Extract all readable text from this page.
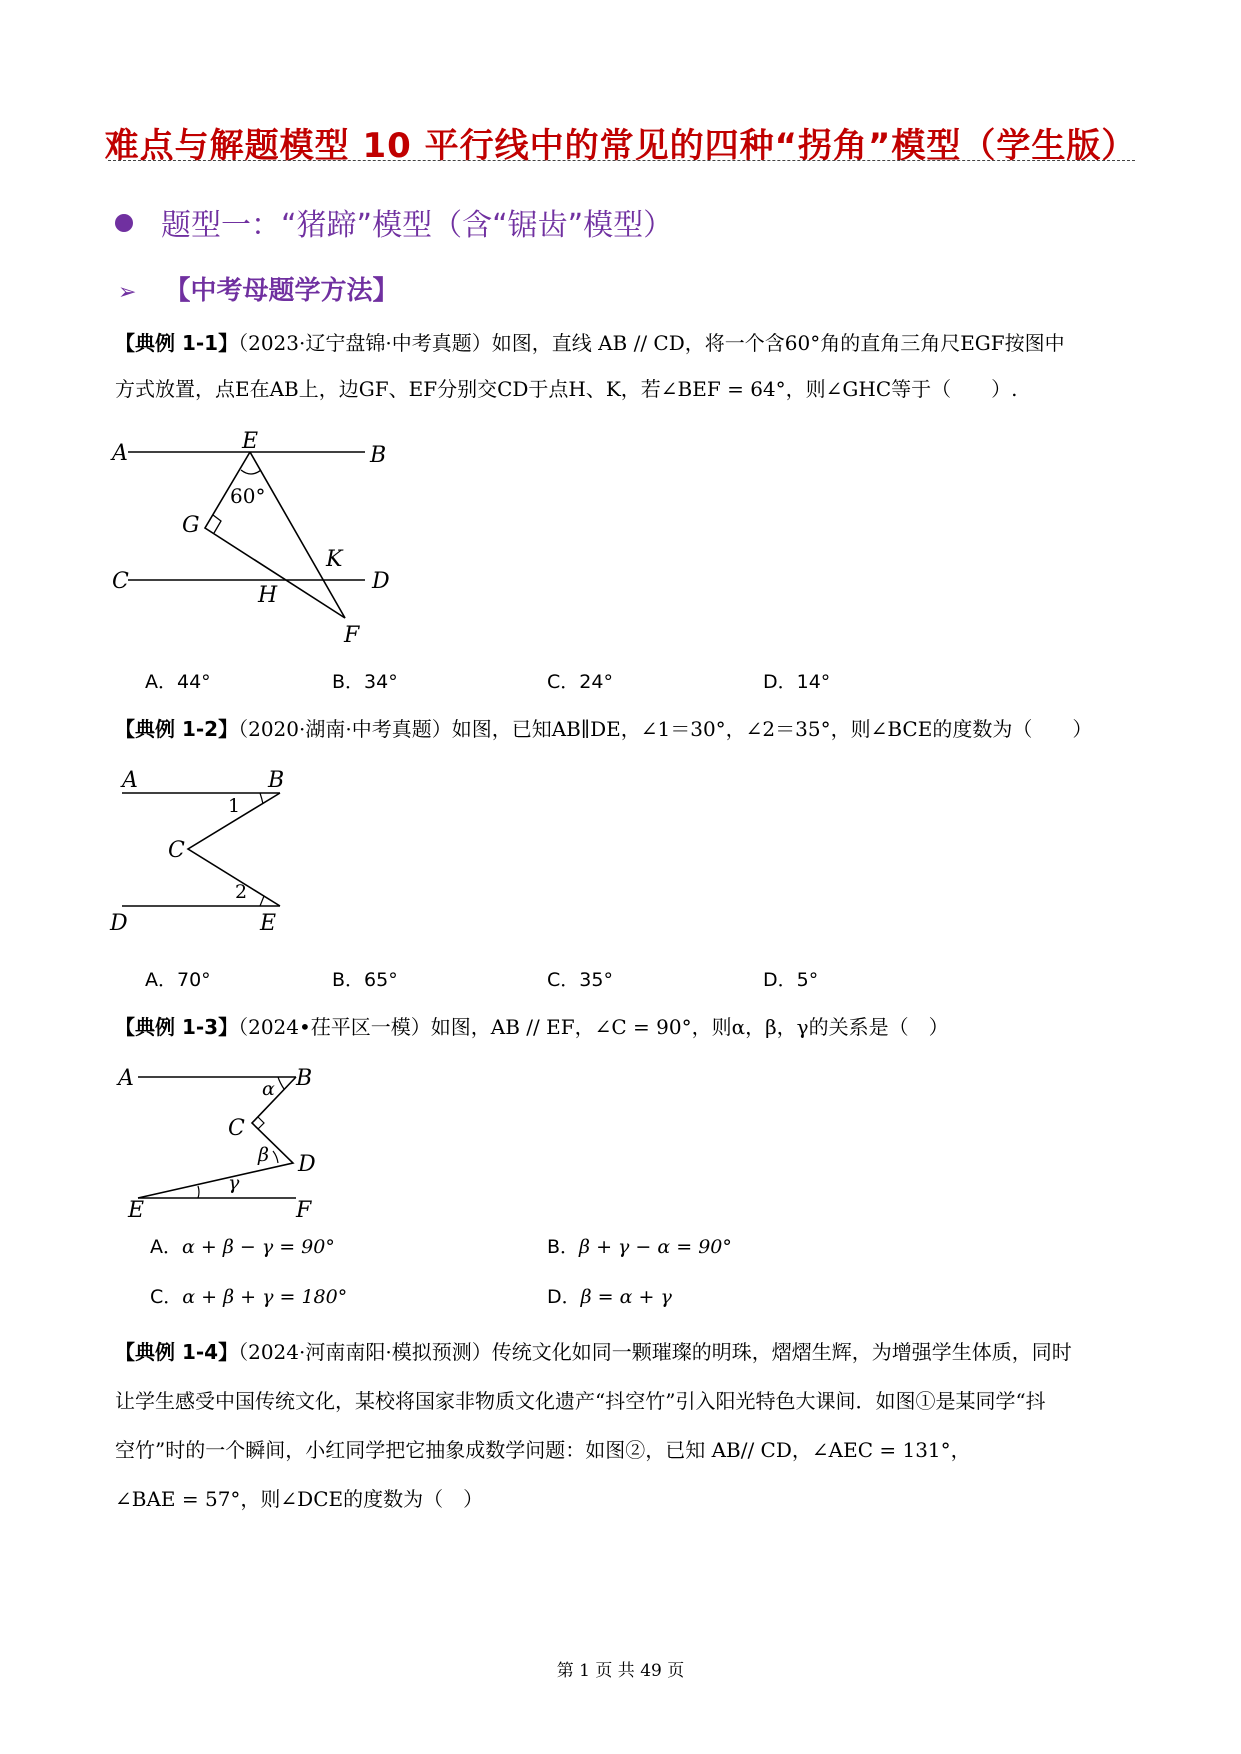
难点与解题模型 10 平行线中的常见的四种“拐角”模型（学生版）
题型一：“猪蹄”模型（含“锯齿”模型）
➢ 【中考母题学方法】
【典例 1-1】（2023·辽宁盘锦·中考真题）如图，直线 AB // CD，将一个含60°角的直角三角尺EGF按图中
方式放置，点E在AB上，边GF、EF分别交CD于点H、K，若∠BEF = 64°，则∠GHC等于（　　）.
A	B
E
G
C	D
H
K
F
60°
A．44°	B．34°	C．24°	D．14°
【典例 1-2】（2020·湖南·中考真题）如图，已知AB∥DE，∠1＝30°，∠2＝35°，则∠BCE的度数为（　　）
A	B
C
D	E
1
2
A．70°	B．65°	C．35°	D．5°
【典例 1-3】（2024•茌平区一模）如图，AB // EF，∠C = 90°，则α，β，γ的关系是（　）
A	B
C
D
E	F
α
β
γ
A．α + β − γ = 90°	B．β + γ − α = 90°
C．α + β + γ = 180°	D．β = α + γ
【典例 1-4】（2024·河南南阳·模拟预测）传统文化如同一颗璀璨的明珠，熠熠生辉，为增强学生体质，同时
让学生感受中国传统文化，某校将国家非物质文化遗产“抖空竹”引入阳光特色大课间．如图①是某同学“抖
空竹”时的一个瞬间，小红同学把它抽象成数学问题：如图②，已知 AB// CD，∠AEC = 131°，
∠BAE = 57°，则∠DCE的度数为（　）
第 1 页 共 49 页
